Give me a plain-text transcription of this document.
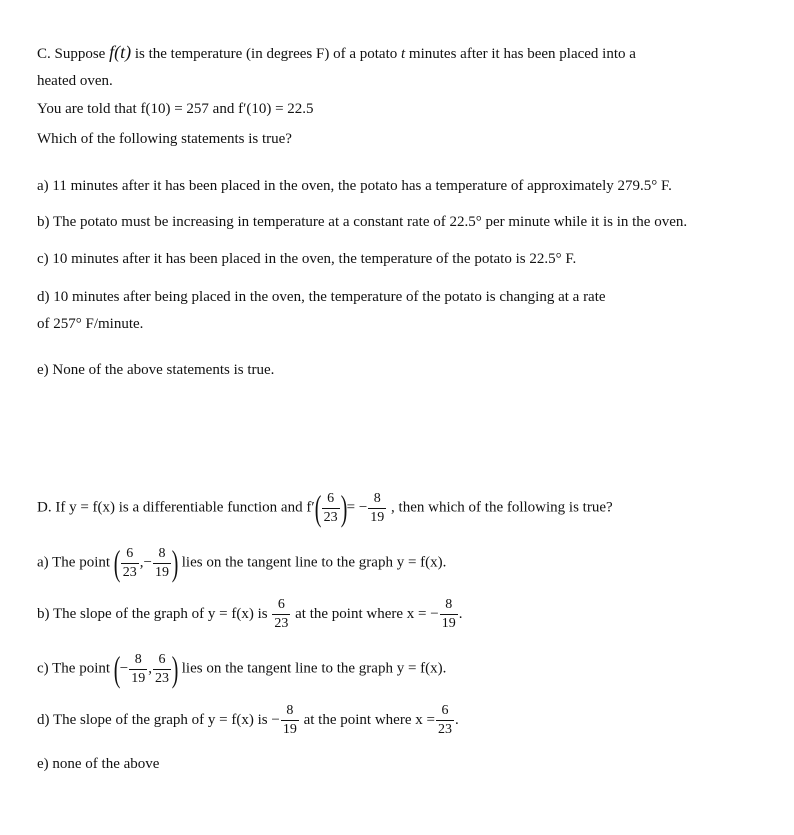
C. Suppose f(t) is the temperature (in degrees F) of a potato t minutes after it has been placed into a
heated oven.
You are told that f(10) = 257 and f′(10) = 22.5
Which of the following statements is true?
a) 11 minutes after it has been placed in the oven, the potato has a temperature of approximately 279.5° F.
b) The potato must be increasing in temperature at a constant rate of 22.5° per minute while it is in the oven.
c) 10 minutes after it has been placed in the oven, the temperature of the potato is 22.5° F.
d) 10 minutes after being placed in the oven, the temperature of the potato is changing at a rate
of 257° F/minute.
e) None of the above statements is true.
D. If y = f(x) is a differentiable function and $f'( \frac{6}{23}$ )= − $\frac{8}{19}$ , then which of the following is true?
a) The point ( $\frac{6}{23}$ ,− $\frac{8}{19}$ ) lies on the tangent line to the graph y = f(x).
b) The slope of the graph of y = f(x) is $\frac{6}{23}$ at the point where x = − $\frac{8}{19}$ .
c) The point (− $\frac{8}{19}$ , $\frac{6}{23}$ ) lies on the tangent line to the graph y = f(x).
d) The slope of the graph of y = f(x) is − $\frac{8}{19}$ at the point where $x = \frac{6}{23}$ .
e) none of the above
